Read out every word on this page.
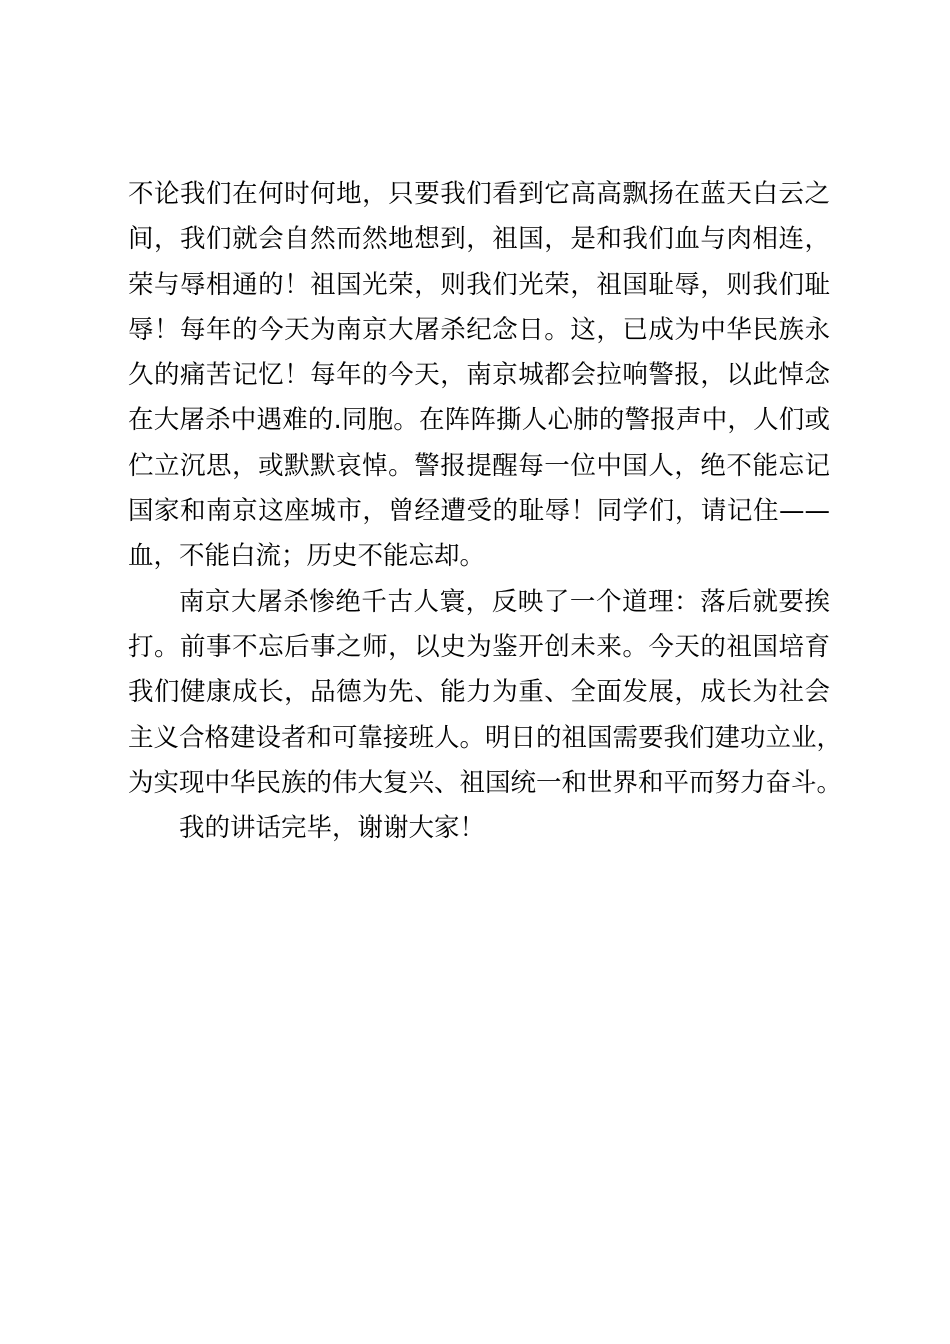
不论我们在何时何地，只要我们看到它高高飘扬在蓝天白云之
间，我们就会自然而然地想到，祖国，是和我们血与肉相连，
荣与辱相通的！祖国光荣，则我们光荣，祖国耻辱，则我们耻
辱！每年的今天为南京大屠杀纪念日。这，已成为中华民族永
久的痛苦记忆！每年的今天，南京城都会拉响警报，以此悼念
在大屠杀中遇难的.同胞。在阵阵撕人心肺的警报声中，人们或
伫立沉思，或默默哀悼。警报提醒每一位中国人，绝不能忘记
国家和南京这座城市，曾经遭受的耻辱！同学们，请记住——
血，不能白流；历史不能忘却。

南京大屠杀惨绝千古人寰，反映了一个道理：落后就要挨
打。前事不忘后事之师，以史为鉴开创未来。今天的祖国培育
我们健康成长，品德为先、能力为重、全面发展，成长为社会
主义合格建设者和可靠接班人。明日的祖国需要我们建功立业，
为实现中华民族的伟大复兴、祖国统一和世界和平而努力奋斗。

我的讲话完毕，谢谢大家！
